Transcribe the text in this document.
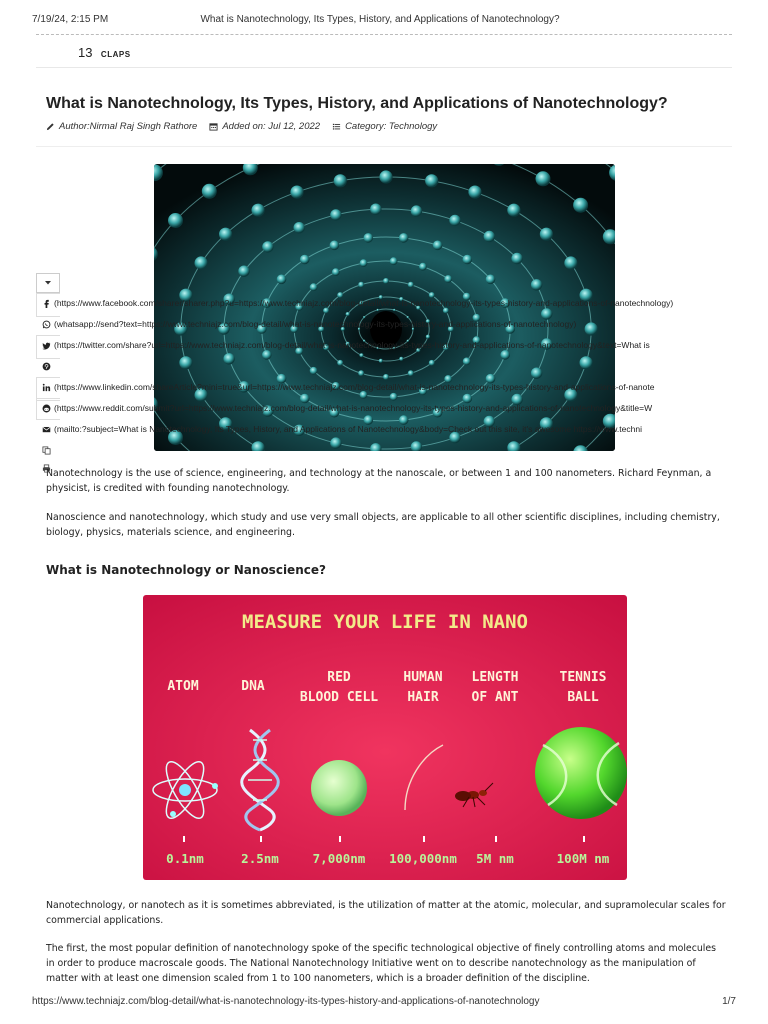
7/19/24, 2:15 PM	What is Nanotechnology, Its Types, History, and Applications of Nanotechnology?
13 CLAPS
What is Nanotechnology, Its Types, History, and Applications of Nanotechnology?
Author:Nirmal Raj Singh Rathore	Added on: Jul 12, 2022	Category: Technology
(https://www.facebook.com/sharer/sharer.php?u=https://www.techniajz.com/blog-detail/what-is-nanotechnology-its-types-history-and-applications-of-nanotechnology)
(whatsapp://send?text=https://www.techniajz.com/blog-detail/what-is-nanotechnology-its-types-history-and-applications-of-nanotechnology)
(https://twitter.com/share?url=https://www.techniajz.com/blog-detail/what-is-nanotechnology-its-types-history-and-applications-of-nanotechnology&text=What is
(https://www.linkedin.com/shareArticle?mini=true&url=https://www.techniajz.com/blog-detail/what-is-nanotechnology-its-types-history-and-applications-of-nanote
(https://www.reddit.com/submit?url=https://www.techniajz.com/blog-detail/what-is-nanotechnology-its-types-history-and-applications-of-nanotechnology&title=W
(mailto:?subject=What is Nanotechnology, Its Types, History, and Applications of Nanotechnology&body=Check out this site, it's awesome https://www.techni

Nanotechnology is the use of science, engineering, and technology at the nanoscale, or between 1 and 100 nanometers. Richard Feynman, a physicist, is credited with founding nanotechnology.

Nanoscience and nanotechnology, which study and use very small objects, are applicable to all other scientific disciplines, including chemistry, biology, physics, materials science, and engineering.

What is Nanotechnology or Nanoscience?
MEASURE YOUR LIFE IN NANO
ATOM	DNA
RED
BLOOD CELL
HUMAN
HAIR
LENGTH
OF ANT
TENNIS
BALL
0.1nm	2.5nm	7,000nm 100,000nm 5M nm	100M nm

Nanotechnology, or nanotech as it is sometimes abbreviated, is the utilization of matter at the atomic, molecular, and supramolecular scales for commercial applications.

The first, the most popular definition of nanotechnology spoke of the specific technological objective of finely controlling atoms and molecules in order to produce macroscale goods. The National Nanotechnology Initiative went on to describe nanotechnology as the manipulation of matter with at least one dimension scaled from 1 to 100 nanometers, which is a broader definition of the discipline.

https://www.techniajz.com/blog-detail/what-is-nanotechnology-its-types-history-and-applications-of-nanotechnology	1/7
